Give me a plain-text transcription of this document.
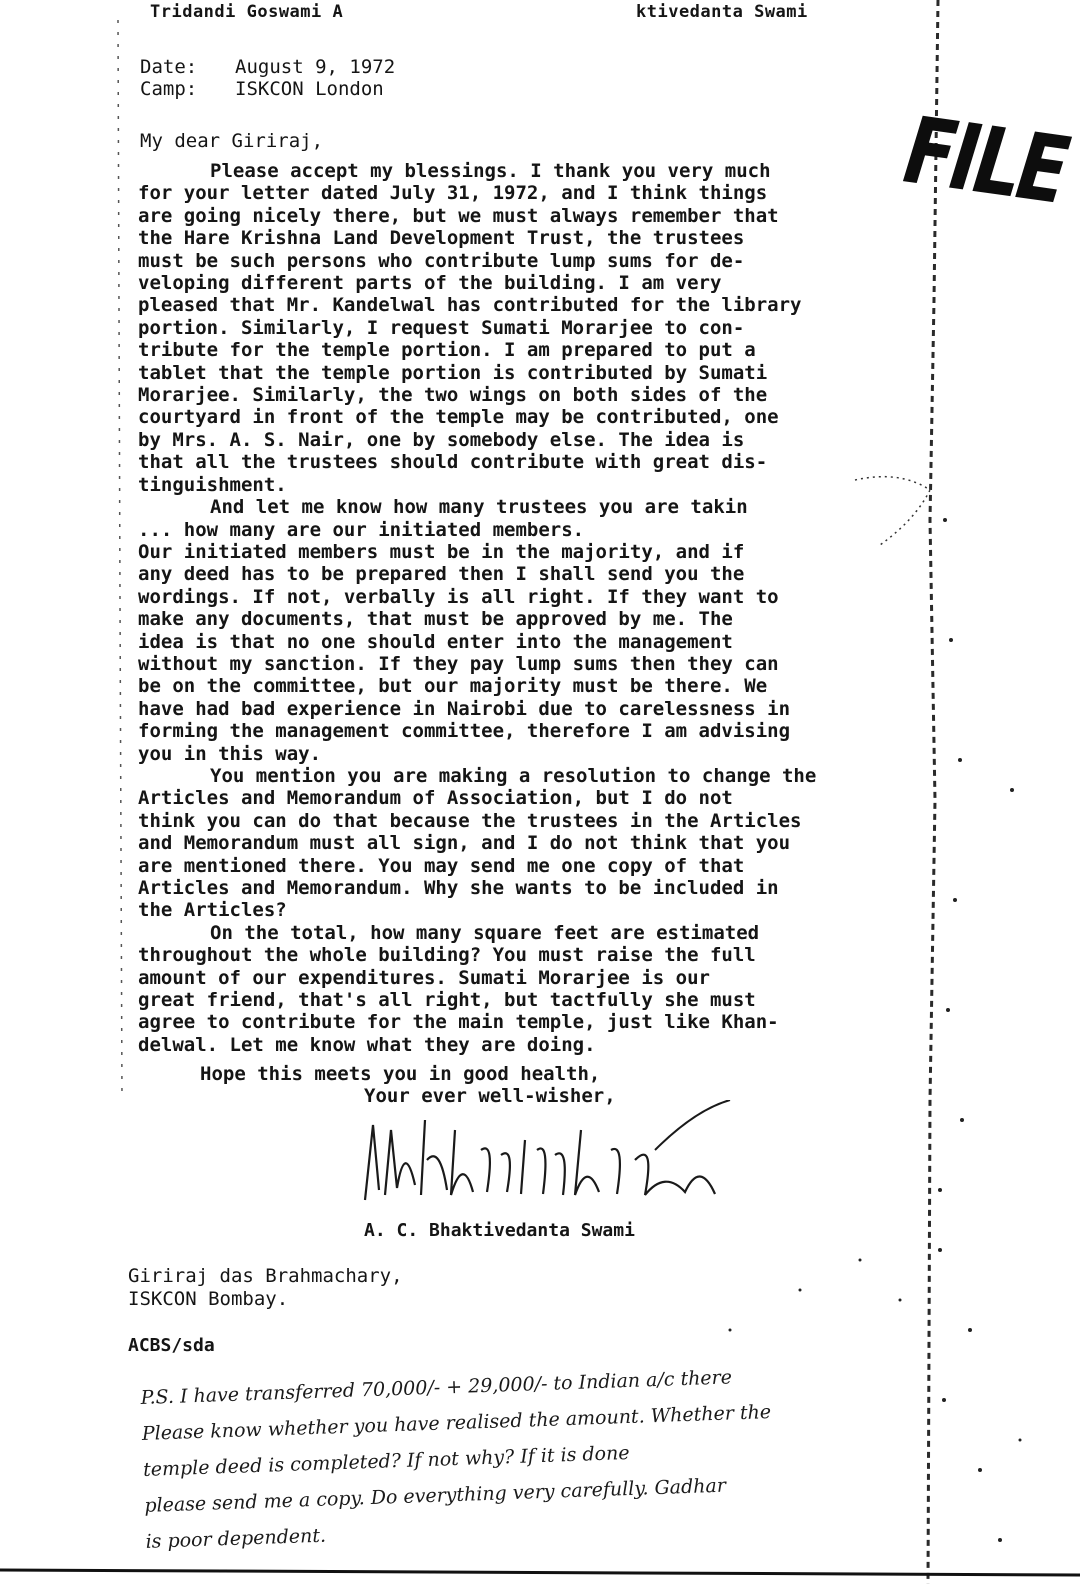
Tridandi Goswami A	ktivedanta Swami
Date: August 9, 1972
Camp: ISKCON London
My dear Giriraj,	FILE

Please accept my blessings. I thank you very much
for your letter dated July 31, 1972, and I think things
are going nicely there, but we must always remember that
the Hare Krishna Land Development Trust, the trustees
must be such persons who contribute lump sums for de-
veloping different parts of the building. I am very
pleased that Mr. Kandelwal has contributed for the library
portion. Similarly, I request Sumati Morarjee to con-
tribute for the temple portion. I am prepared to put a
tablet that the temple portion is contributed by Sumati
Morarjee. Similarly, the two wings on both sides of the
courtyard in front of the temple may be contributed, one
by Mrs. A. S. Nair, one by somebody else. The idea is
that all the trustees should contribute with great dis-
tinguishment.

And let me know how many trustees you are takin
... how many are our initiated members.
Our initiated members must be in the majority, and if
any deed has to be prepared then I shall send you the
wordings. If not, verbally is all right. If they want to
make any documents, that must be approved by me. The
idea is that no one should enter into the management
without my sanction. If they pay lump sums then they can
be on the committee, but our majority must be there. We
have had bad experience in Nairobi due to carelessness in
forming the management committee, therefore I am advising
you in this way.

You mention you are making a resolution to change the
Articles and Memorandum of Association, but I do not
think you can do that because the trustees in the Articles
and Memorandum must all sign, and I do not think that you
are mentioned there. You may send me one copy of that
Articles and Memorandum. Why she wants to be included in
the Articles?

On the total, how many square feet are estimated
throughout the whole building? You must raise the full
amount of our expenditures. Sumati Morarjee is our
great friend, that's all right, but tactfully she must
agree to contribute for the main temple, just like Khan-
delwal. Let me know what they are doing.

Hope this meets you in good health,
Your ever well-wisher,
A. C. Bhaktivedanta Swami
Giriraj das Brahmachary,
ISKCON Bombay.
ACBS/sda
P.S. I have transferred 70,000/- + 29,000/- to Indian a/c there
Please know whether you have realised the amount. Whether the
temple deed is completed? If not why? If it is done
please send me a copy. Do everything very carefully. Gadhar
is poor dependent.
